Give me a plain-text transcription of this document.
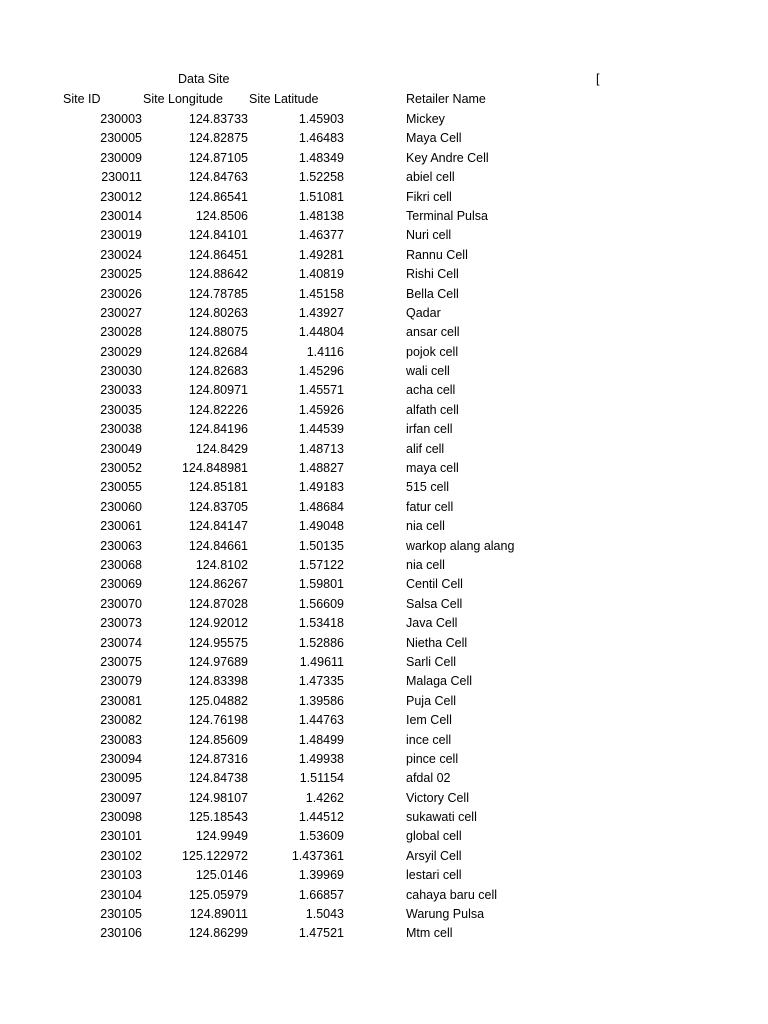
Data Site	[
Site ID	Site Longitude Site Latitude	Retailer Name
230003	124.83733	1.45903	Mickey
230005	124.82875	1.46483	Maya Cell
230009	124.87105	1.48349	Key Andre Cell
230011	124.84763	1.52258	abiel cell
230012	124.86541	1.51081	Fikri cell
230014	124.8506	1.48138	Terminal Pulsa
230019	124.84101	1.46377	Nuri cell
230024	124.86451	1.49281	Rannu Cell
230025	124.88642	1.40819	Rishi Cell
230026	124.78785	1.45158	Bella Cell
230027	124.80263	1.43927	Qadar
230028	124.88075	1.44804	ansar cell
230029	124.82684	1.4116	pojok cell
230030	124.82683	1.45296	wali cell
230033	124.80971	1.45571	acha cell
230035	124.82226	1.45926	alfath cell
230038	124.84196	1.44539	irfan cell
230049	124.8429	1.48713	alif cell
230052	124.848981	1.48827	maya cell
230055	124.85181	1.49183	515 cell
230060	124.83705	1.48684	fatur cell
230061	124.84147	1.49048	nia cell
230063	124.84661	1.50135	warkop alang alang
230068	124.8102	1.57122	nia cell
230069	124.86267	1.59801	Centil Cell
230070	124.87028	1.56609	Salsa Cell
230073	124.92012	1.53418	Java Cell
230074	124.95575	1.52886	Nietha Cell
230075	124.97689	1.49611	Sarli Cell
230079	124.83398	1.47335	Malaga Cell
230081	125.04882	1.39586	Puja Cell
230082	124.76198	1.44763	Iem Cell
230083	124.85609	1.48499	ince cell
230094	124.87316	1.49938	pince cell
230095	124.84738	1.51154	afdal 02
230097	124.98107	1.4262	Victory Cell
230098	125.18543	1.44512	sukawati cell
230101	124.9949	1.53609	global cell
230102	125.122972	1.437361	Arsyil Cell
230103	125.0146	1.39969	lestari cell
230104	125.05979	1.66857	cahaya baru cell
230105	124.89011	1.5043	Warung Pulsa
230106	124.86299	1.47521	Mtm cell
